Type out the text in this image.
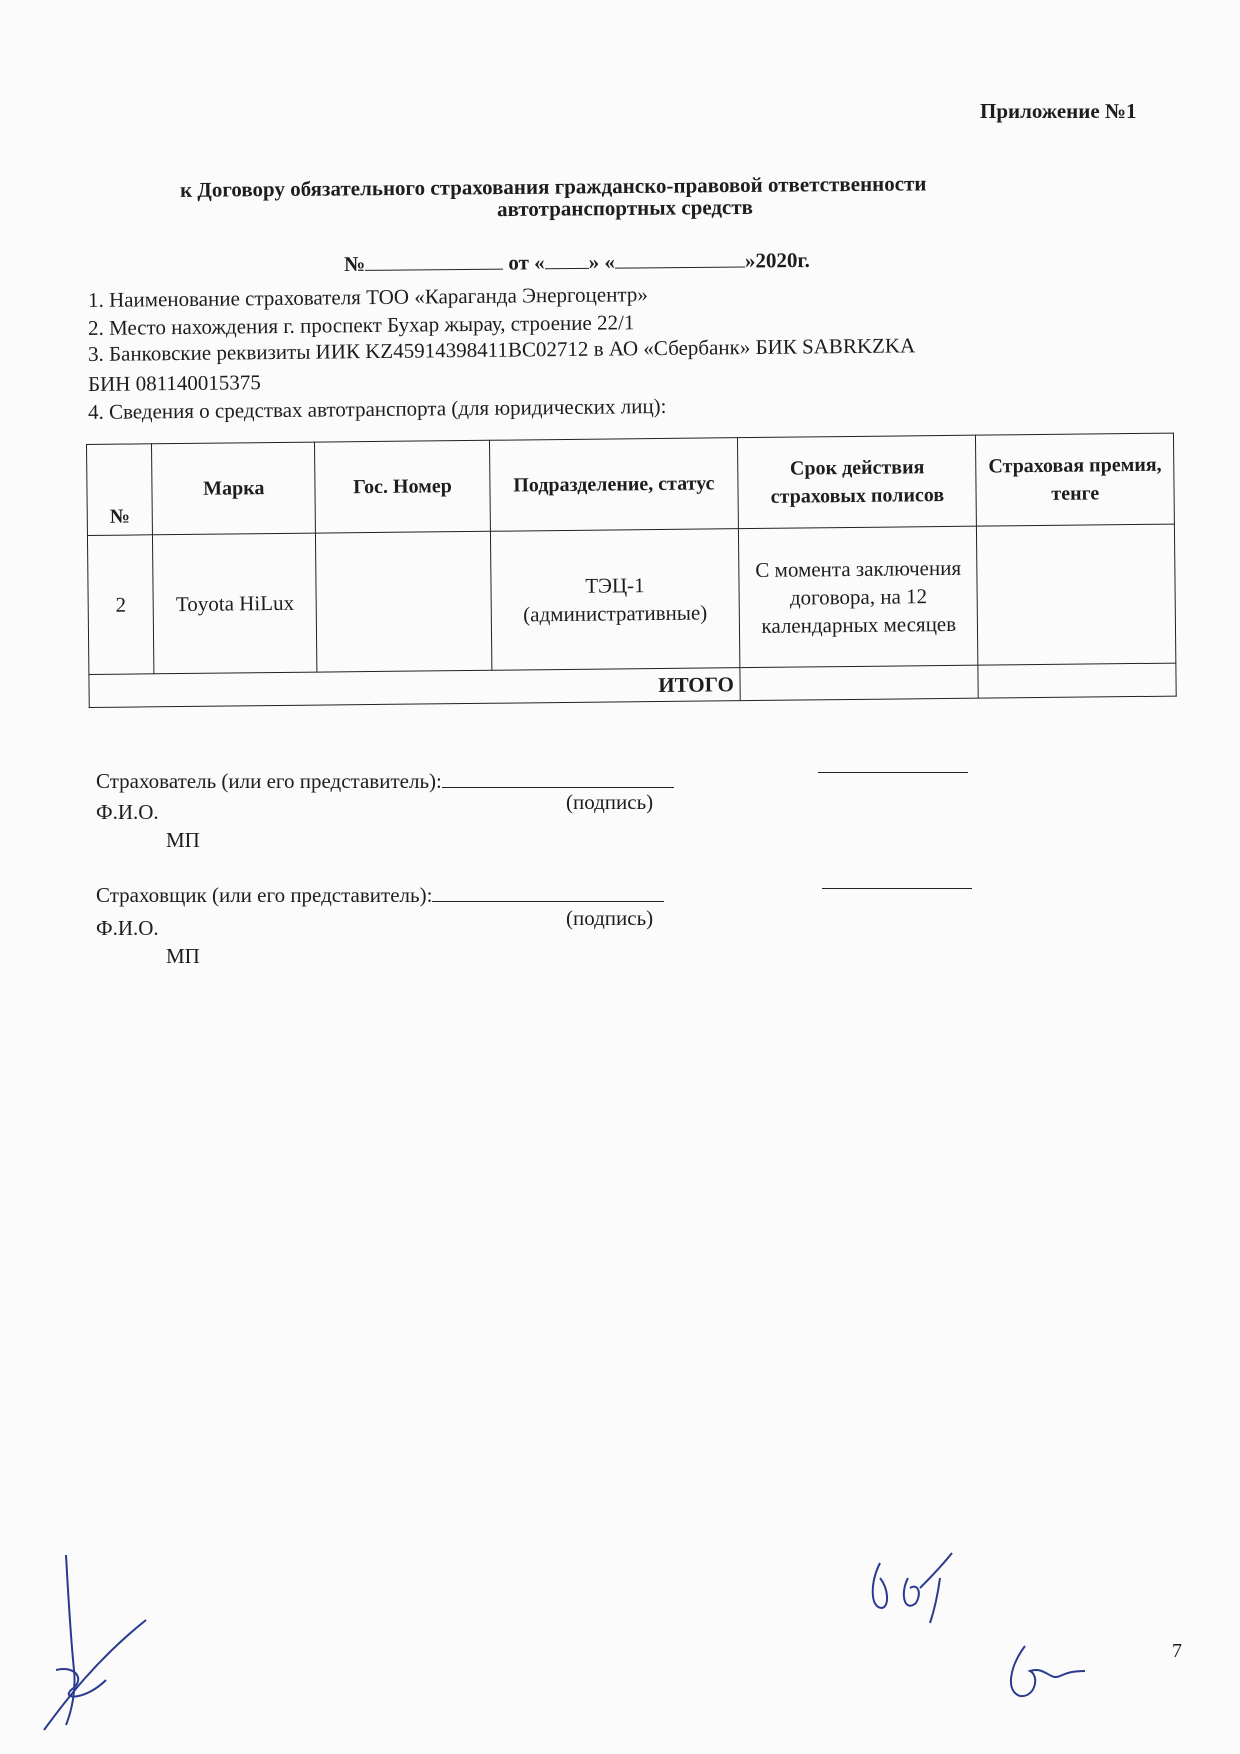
Приложение №1
к Договору обязательного страхования гражданско-правовой ответственности
автотранспортных средств
№	от « » «	»2020г.
1. Наименование страхователя ТОО «Караганда Энергоцентр»
2. Место нахождения г. проспект Бухар жырау, строение 22/1
3. Банковские реквизиты ИИК KZ45914398411BC02712 в АО «Сбербанк» БИК SABRKZKA
БИН 081140015375
4. Сведения о средствах автотранспорта (для юридических лиц):
№	Марка	Гос. Номер	Подразделение, статус	Срок действия страховых полисов	Страховая премия, тенге
2	Toyota HiLux		ТЭЦ-1 (административные)	С момента заключения договора, на 12 календарных месяцев	
ИТОГО					
Страхователь (или его представитель):
(подпись)
Ф.И.О.
МП
Страховщик (или его представитель):
(подпись)
Ф.И.О.
МП
7
